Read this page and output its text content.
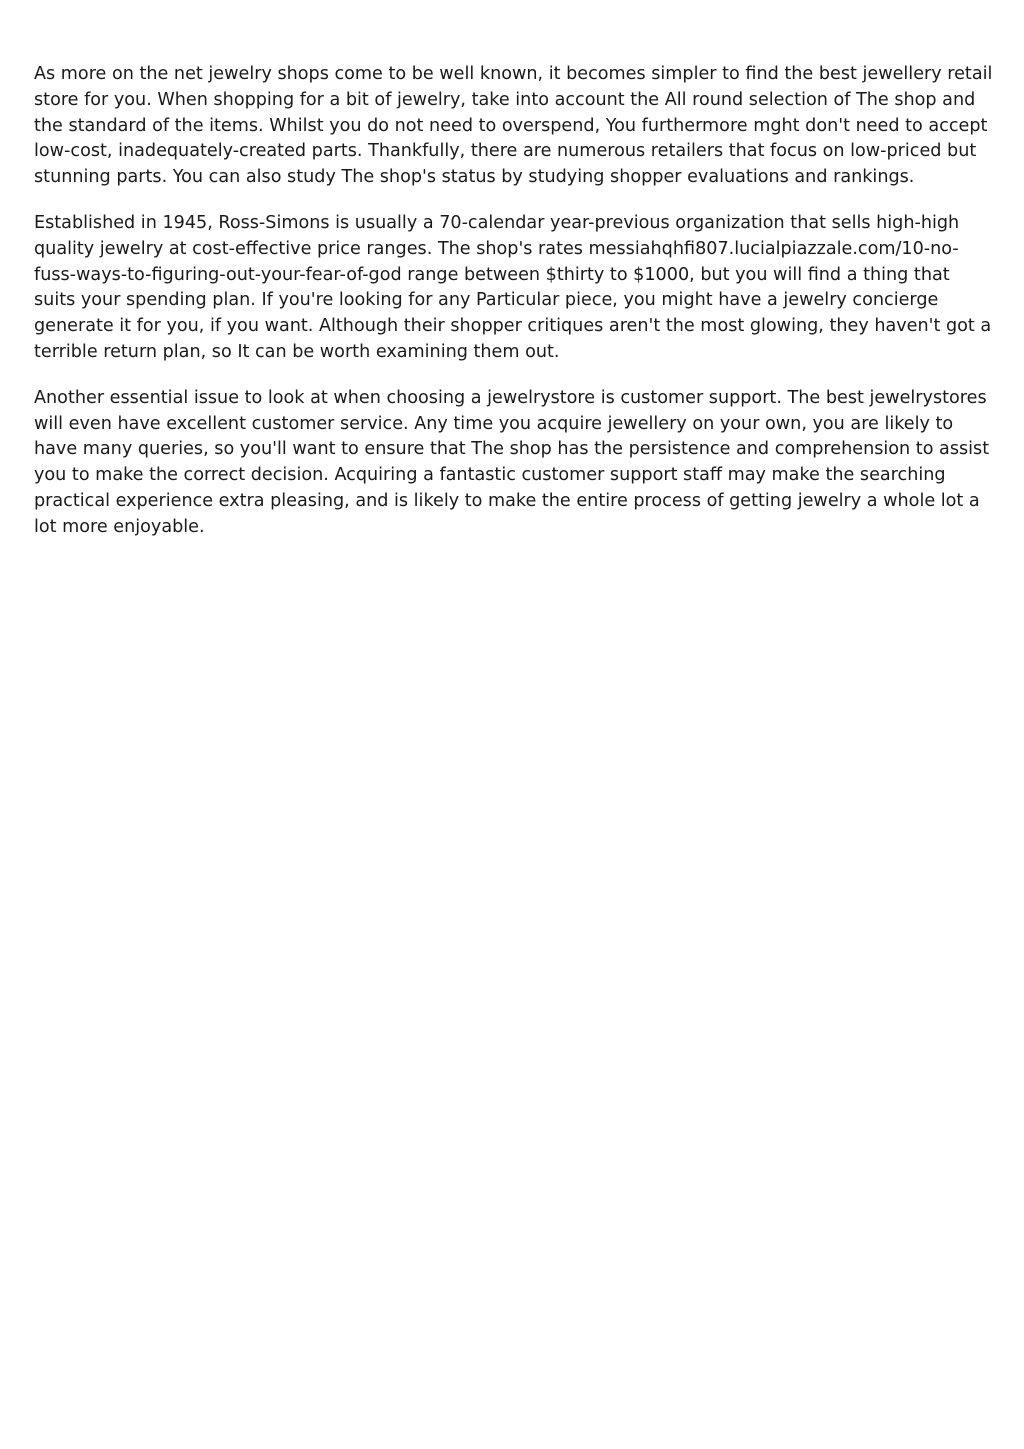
As more on the net jewelry shops come to be well known, it becomes simpler to find the best jewellery retail store for you. When shopping for a bit of jewelry, take into account the All round selection of The shop and the standard of the items. Whilst you do not need to overspend, You furthermore mght don't need to accept low-cost, inadequately-created parts. Thankfully, there are numerous retailers that focus on low-priced but stunning parts. You can also study The shop's status by studying shopper evaluations and rankings.

Established in 1945, Ross-Simons is usually a 70-calendar year-previous organization that sells high-high quality jewelry at cost-effective price ranges. The shop's rates messiahqhfi807.lucialpiazzale.com/10-no-fuss-ways-to-figuring-out-your-fear-of-god range between $thirty to $1000, but you will find a thing that suits your spending plan. If you're looking for any Particular piece, you might have a jewelry concierge generate it for you, if you want. Although their shopper critiques aren't the most glowing, they haven't got a terrible return plan, so It can be worth examining them out.

Another essential issue to look at when choosing a jewelrystore is customer support. The best jewelrystores will even have excellent customer service. Any time you acquire jewellery on your own, you are likely to have many queries, so you'll want to ensure that The shop has the persistence and comprehension to assist you to make the correct decision. Acquiring a fantastic customer support staff may make the searching practical experience extra pleasing, and is likely to make the entire process of getting jewelry a whole lot a lot more enjoyable.
